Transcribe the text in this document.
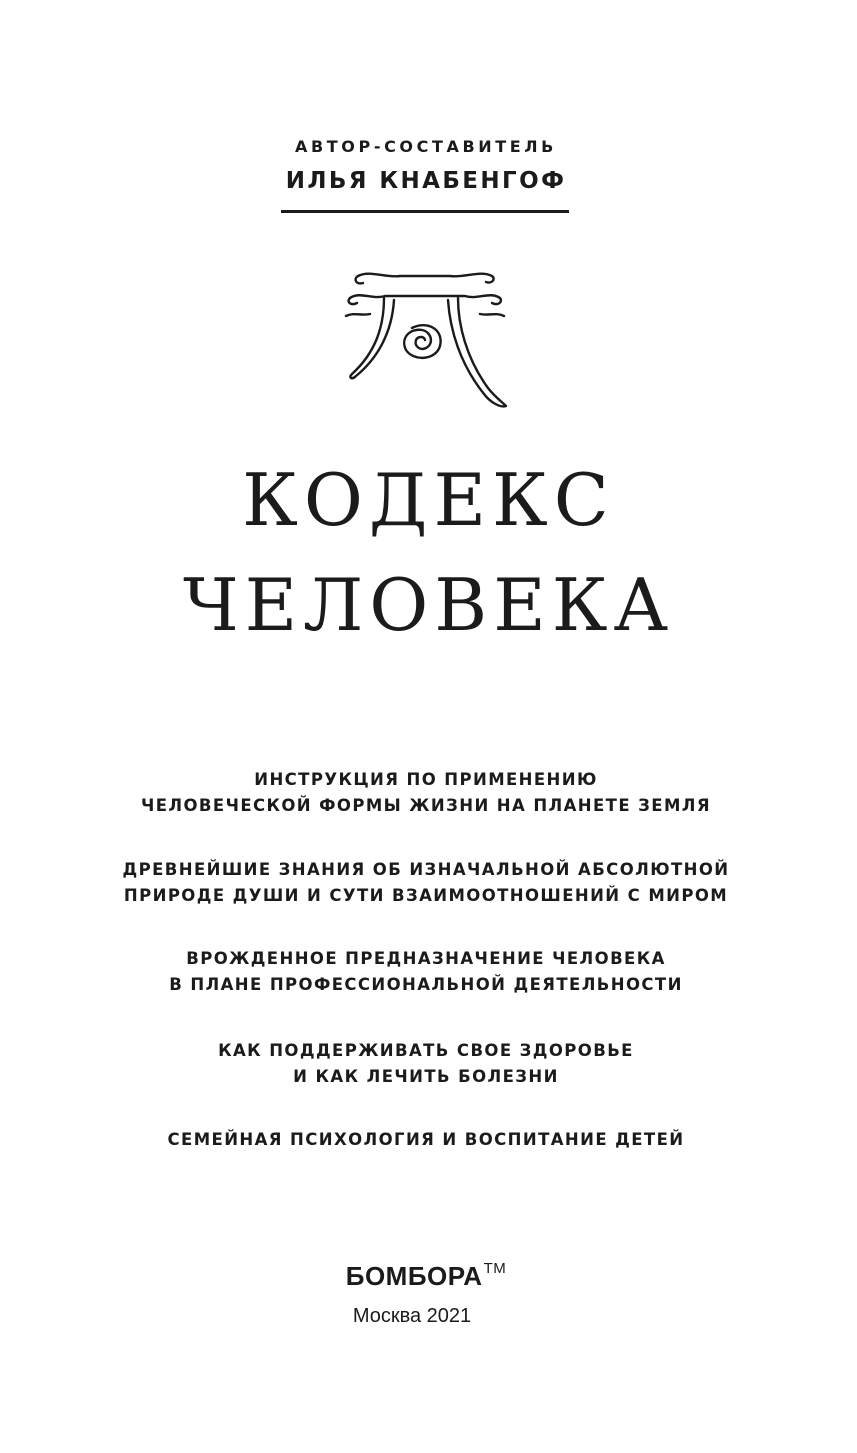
АВТОР-СОСТАВИТЕЛЬ
ИЛЬЯ КНАБЕНГОФ
КОДЕКС
ЧЕЛОВЕКА
ИНСТРУКЦИЯ ПО ПРИМЕНЕНИЮ
ЧЕЛОВЕЧЕСКОЙ ФОРМЫ ЖИЗНИ НА ПЛАНЕТЕ ЗЕМЛЯ
ДРЕВНЕЙШИЕ ЗНАНИЯ ОБ ИЗНАЧАЛЬНОЙ АБСОЛЮТНОЙ
ПРИРОДЕ ДУШИ И СУТИ ВЗАИМООТНОШЕНИЙ С МИРОМ
ВРОЖДЕННОЕ ПРЕДНАЗНАЧЕНИЕ ЧЕЛОВЕКА
В ПЛАНЕ ПРОФЕССИОНАЛЬНОЙ ДЕЯТЕЛЬНОСТИ
КАК ПОДДЕРЖИВАТЬ СВОЕ ЗДОРОВЬЕ
И КАК ЛЕЧИТЬ БОЛЕЗНИ
СЕМЕЙНАЯ ПСИХОЛОГИЯ И ВОСПИТАНИЕ ДЕТЕЙ
БОМБОРА™
Москва 2021
